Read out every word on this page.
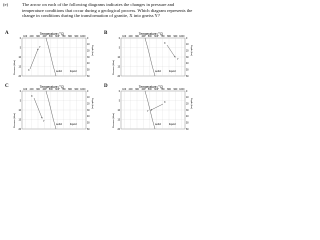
(e)	The arrow on each of the following diagrams indicates the changes in pressure and temperature conditions that occur during a geological process. Which diagram represents the change in conditions during the transformation of granite, X into gneiss Y?
A	Temperature (°C)
100	200	300	400	500	600	700	800	900 1000
Pressure (kbar)
Depth (km)
0
5
10
15
20
0
10
20
30
40
50
60
solid	liquid
X
Y
B	Temperature (°C)
100	200	300	400	500	600	700	800	900 1000
Pressure (kbar)
Depth (km)
0
5
10
15
20
0
10
20
30
40
50
60
solid	liquid
X
Y
C	Temperature (°C)
100	200	300	400	500	600	700	800	900 1000
Pressure (kbar)
Depth (km)
0
5
10
15
20
0
10
20
30
40
50
60
solid	liquid
X
Y
D	Temperature (°C)
100	200	300	400	500	600	700	800	900 1000
Pressure (kbar)
Depth (km)
0
5
10
15
20
0
10
20
30
40
50
60
solid	liquid
X
Y
